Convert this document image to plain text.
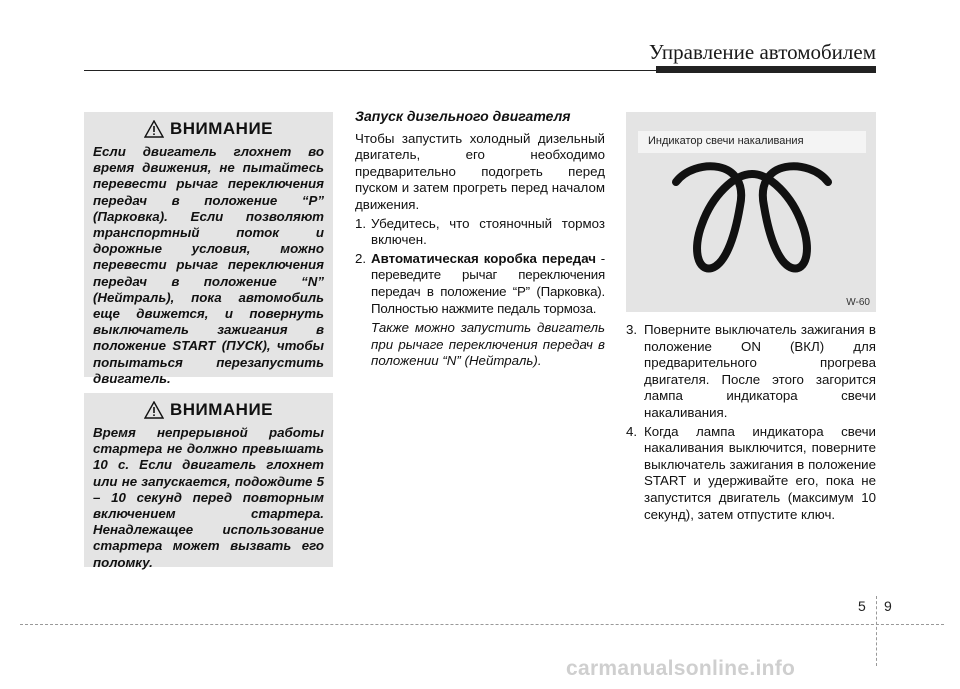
Управление автомобилем
ВНИМАНИЕ
Если двигатель глохнет во время движения, не пытайтесь перевести рычаг переключения передач в положение “P” (Парковка). Если позволяют транспортный поток и дорожные условия, можно перевести рычаг переключения передач в положение “N” (Нейтраль), пока автомобиль еще движется, и повернуть выключатель зажигания в положение START (ПУСК), чтобы попытаться перезапустить двигатель.
ВНИМАНИЕ
Время непрерывной работы стартера не должно превышать 10 с. Если двигатель глохнет или не запускается, подождите 5 – 10 секунд перед повторным включением стартера. Ненадлежащее использование стартера может вызвать его поломку.
Запуск дизельного двигателя

Чтобы запустить холодный дизельный двигатель, его необходимо предварительно подогреть перед пуском и затем прогреть перед началом движения.

1. Убедитесь, что стояночный тормоз включен.
2. Автоматическая коробка передач - переведите рычаг переключения передач в положение “P” (Парковка). Полностью нажмите педаль тормоза.
Также можно запустить двигатель при рычаге переключения передач в положении “N” (Нейтраль).
Индикатор свечи накаливания
W-60
3. Поверните выключатель зажигания в положение ON (ВКЛ) для предварительного прогрева двигателя. После этого загорится лампа индикатора свечи накаливания.
4. Когда лампа индикатора свечи накаливания выключится, поверните выключатель зажигания в положение START и удерживайте его, пока не запустится двигатель (максимум 10 секунд), затем отпустите ключ.
5 9
carmanualsonline.info
